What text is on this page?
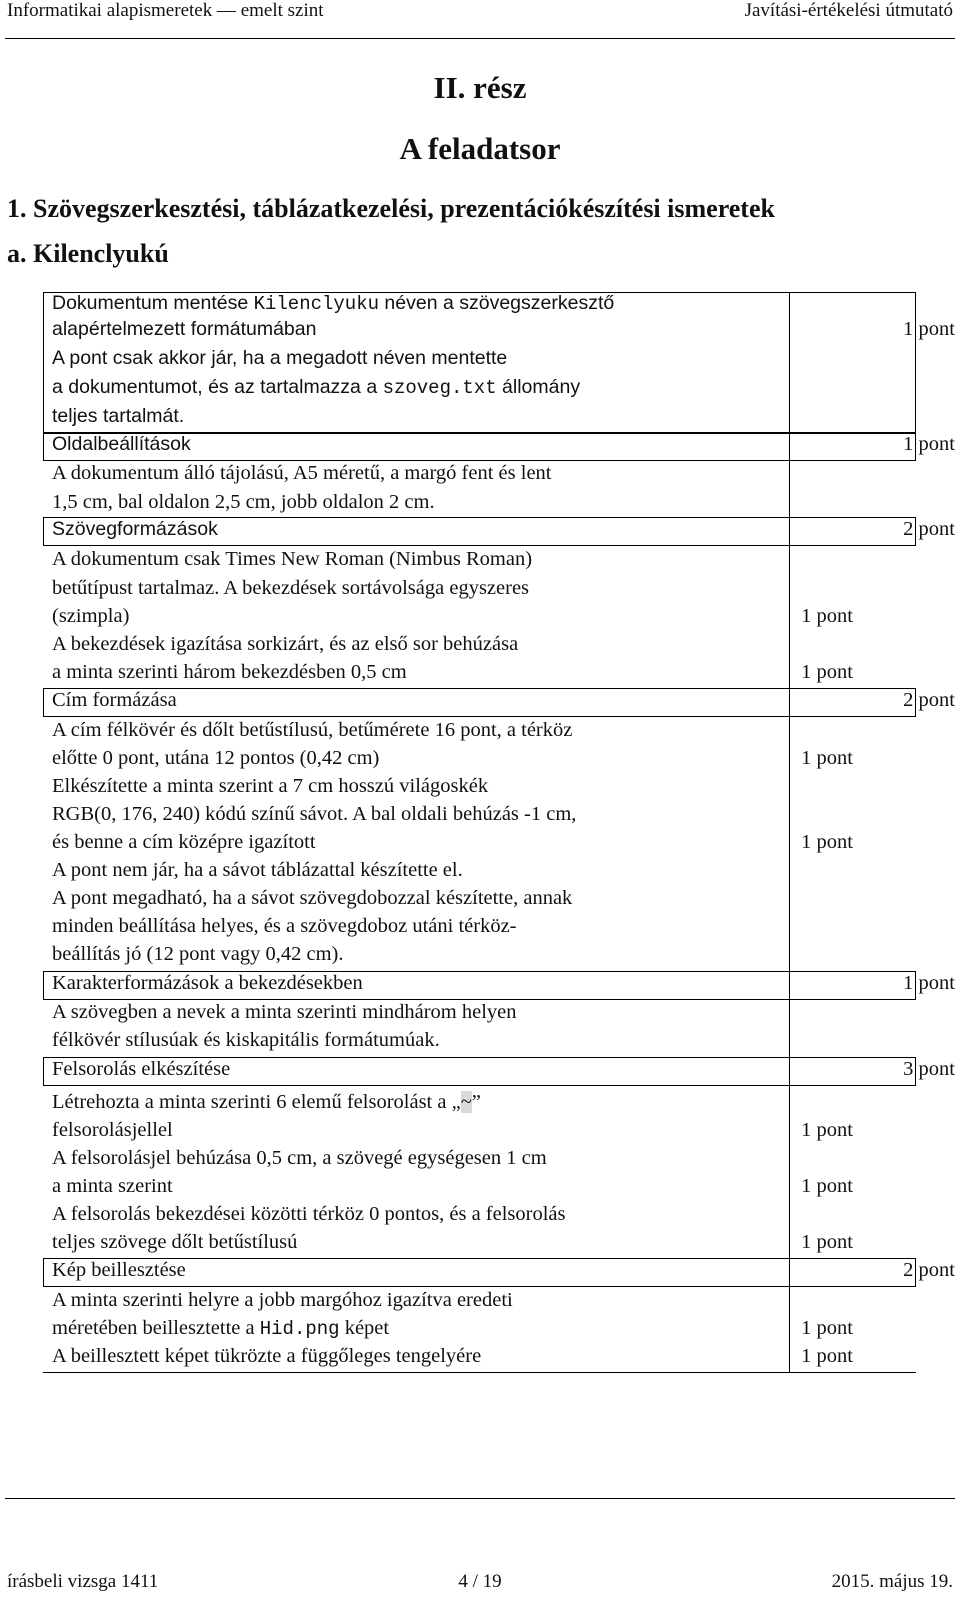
Informatikai alapismeretek — emelt szint	Javítási-értékelési útmutató
II. rész
A feladatsor
1. Szövegszerkesztési, táblázatkezelési, prezentációkészítési ismeretek
a. Kilenclyukú
Dokumentum mentése Kilenclyuku néven a szövegszerkesztő
alapértelmezett formátumában	1 pont
A pont csak akkor jár, ha a megadott néven mentette
a dokumentumot, és az tartalmazza a szoveg.txt állomány
teljes tartalmát.
Oldalbeállítások	1 pont
A dokumentum álló tájolású, A5 méretű, a margó fent és lent
1,5 cm, bal oldalon 2,5 cm, jobb oldalon 2 cm.
Szövegformázások	2 pont
A dokumentum csak Times New Roman (Nimbus Roman)
betűtípust tartalmaz. A bekezdések sortávolsága egyszeres
(szimpla)	1 pont
A bekezdések igazítása sorkizárt, és az első sor behúzása
a minta szerinti három bekezdésben 0,5 cm	1 pont
Cím formázása	2 pont
A cím félkövér és dőlt betűstílusú, betűmérete 16 pont, a térköz
előtte 0 pont, utána 12 pontos (0,42 cm)	1 pont
Elkészítette a minta szerint a 7 cm hosszú világoskék
RGB(0, 176, 240) kódú színű sávot. A bal oldali behúzás -1 cm,
és benne a cím középre igazított	1 pont
A pont nem jár, ha a sávot táblázattal készítette el.
A pont megadható, ha a sávot szövegdobozzal készítette, annak
minden beállítása helyes, és a szövegdoboz utáni térköz-
beállítás jó (12 pont vagy 0,42 cm).
Karakterformázások a bekezdésekben	1 pont
A szövegben a nevek a minta szerinti mindhárom helyen
félkövér stílusúak és kiskapitális formátumúak.
Felsorolás elkészítése	3 pont
Létrehozta a minta szerinti 6 elemű felsorolást a „~”
felsorolásjellel	1 pont
A felsorolásjel behúzása 0,5 cm, a szövegé egységesen 1 cm
a minta szerint	1 pont
A felsorolás bekezdései közötti térköz 0 pontos, és a felsorolás
teljes szövege dőlt betűstílusú	1 pont
Kép beillesztése	2 pont
A minta szerinti helyre a jobb margóhoz igazítva eredeti
méretében beillesztette a Hid.png képet	1 pont
A beillesztett képet tükrözte a függőleges tengelyére	1 pont
írásbeli vizsga 1411	4 / 19	2015. május 19.
